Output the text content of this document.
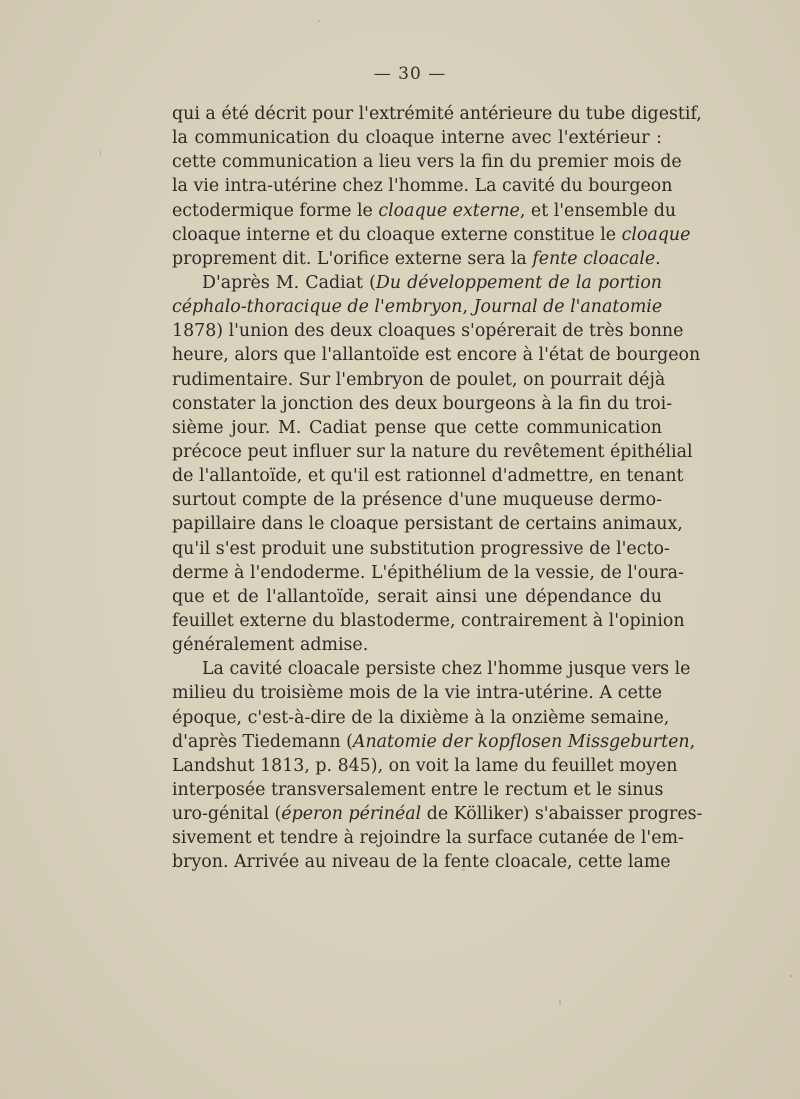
— 30 —
qui a été décrit pour l'extrémité antérieure du tube digestif,
la communication du cloaque interne avec l'extérieur :
cette communication a lieu vers la fin du premier mois de
la vie intra-utérine chez l'homme. La cavité du bourgeon
ectodermique forme le cloaque externe, et l'ensemble du
cloaque interne et du cloaque externe constitue le cloaque
proprement dit. L'orifice externe sera la fente cloacale.
D'après M. Cadiat (Du développement de la portion
céphalo-thoracique de l'embryon, Journal de l'anatomie
1878) l'union des deux cloaques s'opérerait de très bonne
heure, alors que l'allantoïde est encore à l'état de bourgeon
rudimentaire. Sur l'embryon de poulet, on pourrait déjà
constater la jonction des deux bourgeons à la fin du troi-
sième jour. M. Cadiat pense que cette communication
précoce peut influer sur la nature du revêtement épithélial
de l'allantoïde, et qu'il est rationnel d'admettre, en tenant
surtout compte de la présence d'une muqueuse dermo-
papillaire dans le cloaque persistant de certains animaux,
qu'il s'est produit une substitution progressive de l'ecto-
derme à l'endoderme. L'épithélium de la vessie, de l'oura-
que et de l'allantoïde, serait ainsi une dépendance du
feuillet externe du blastoderme, contrairement à l'opinion
généralement admise.
La cavité cloacale persiste chez l'homme jusque vers le
milieu du troisième mois de la vie intra-utérine. A cette
époque, c'est-à-dire de la dixième à la onzième semaine,
d'après Tiedemann (Anatomie der kopflosen Missgeburten,
Landshut 1813, p. 845), on voit la lame du feuillet moyen
interposée transversalement entre le rectum et le sinus
uro-génital (éperon périnéal de Kölliker) s'abaisser progres-
sivement et tendre à rejoindre la surface cutanée de l'em-
bryon. Arrivée au niveau de la fente cloacale, cette lame
